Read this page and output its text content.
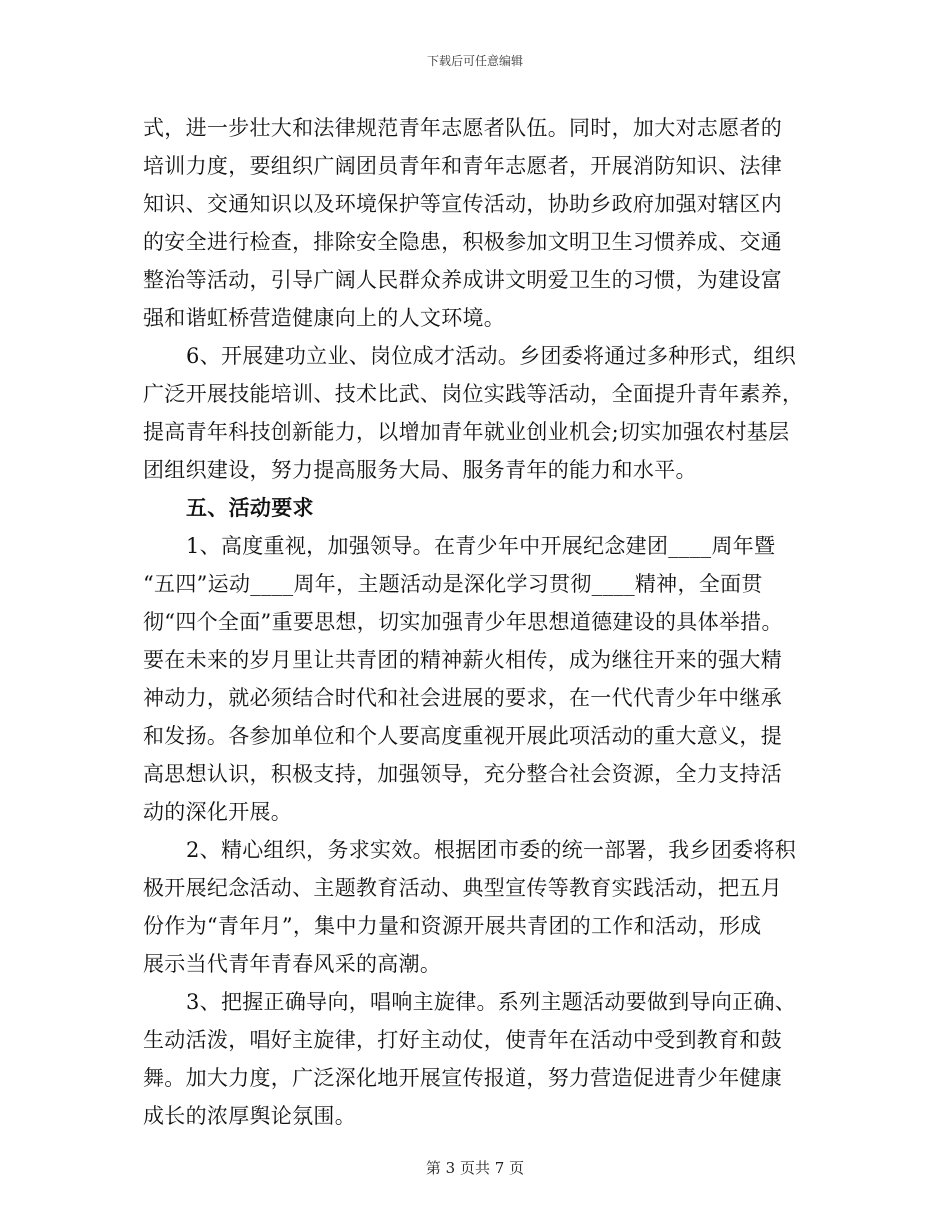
下载后可任意编辑
式，进一步壮大和法律规范青年志愿者队伍。同时，加大对志愿者的
培训力度，要组织广阔团员青年和青年志愿者，开展消防知识、法律
知识、交通知识以及环境保护等宣传活动，协助乡政府加强对辖区内
的安全进行检查，排除安全隐患，积极参加文明卫生习惯养成、交通
整治等活动，引导广阔人民群众养成讲文明爱卫生的习惯，为建设富
强和谐虹桥营造健康向上的人文环境。
6、开展建功立业、岗位成才活动。乡团委将通过多种形式，组织
广泛开展技能培训、技术比武、岗位实践等活动，全面提升青年素养，
提高青年科技创新能力，以增加青年就业创业机会;切实加强农村基层
团组织建设，努力提高服务大局、服务青年的能力和水平。
五、活动要求
1、高度重视，加强领导。在青少年中开展纪念建团____周年暨
“五四”运动____周年，主题活动是深化学习贯彻____精神，全面贯
彻“四个全面”重要思想，切实加强青少年思想道德建设的具体举措。
要在未来的岁月里让共青团的精神薪火相传，成为继往开来的强大精
神动力，就必须结合时代和社会进展的要求，在一代代青少年中继承
和发扬。各参加单位和个人要高度重视开展此项活动的重大意义，提
高思想认识，积极支持，加强领导，充分整合社会资源，全力支持活
动的深化开展。
2、精心组织，务求实效。根据团市委的统一部署，我乡团委将积
极开展纪念活动、主题教育活动、典型宣传等教育实践活动，把五月
份作为“青年月”，集中力量和资源开展共青团的工作和活动，形成
展示当代青年青春风采的高潮。
3、把握正确导向，唱响主旋律。系列主题活动要做到导向正确、
生动活泼，唱好主旋律，打好主动仗，使青年在活动中受到教育和鼓
舞。加大力度，广泛深化地开展宣传报道，努力营造促进青少年健康
成长的浓厚舆论氛围。
第 3 页共 7 页
